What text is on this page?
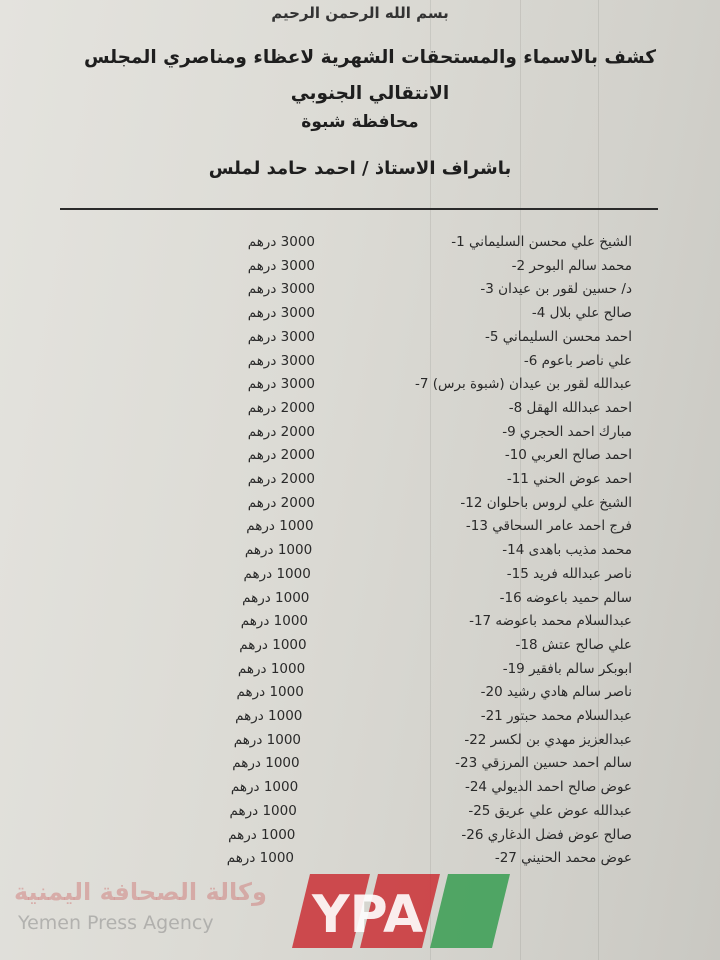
بسم الله الرحمن الرحيم
كشف بالاسماء والمستحقات الشهرية لاعظاء ومناصري المجلس الانتقالي الجنوبي
محافظة شبوة
باشراف الاستاذ / احمد حامد لملس
الشيخ علي محسن السليماني 1-
3000 درهم
محمد سالم البوحر 2-
3000 درهم
د/ حسين لقور بن عيدان 3-
3000 درهم
صالح علي بلال 4-
3000 درهم
احمد محسن السليماني 5-
3000 درهم
علي ناصر باعوم 6-
3000 درهم
عبدالله لقور بن عيدان (شبوة برس) 7-
3000 درهم
احمد عبدالله الهقل 8-
2000 درهم
مبارك احمد الحجري 9-
2000 درهم
احمد صالح العربي 10-
2000 درهم
احمد عوض الحني 11-
2000 درهم
الشيخ علي لروس باحلوان 12-
2000 درهم
فرج احمد عامر السحاقي 13-
1000 درهم
محمد مذيب باهدى 14-
1000 درهم
ناصر عبدالله فريد 15-
1000 درهم
سالم حميد باعوضه 16-
1000 درهم
عبدالسلام محمد باعوضه 17-
1000 درهم
علي صالح عتش 18-
1000 درهم
ابوبكر سالم بافقير 19-
1000 درهم
ناصر سالم هادي رشيد 20-
1000 درهم
عبدالسلام محمد حبتور 21-
1000 درهم
عبدالعزيز مهدي بن لكسر 22-
1000 درهم
سالم احمد حسين المرزقي 23-
1000 درهم
عوض صالح احمد الديولي 24-
1000 درهم
عبدالله عوض علي عريق 25-
1000 درهم
صالح عوض فضل الدغاري 26-
1000 درهم
عوض محمد الحنيني 27-
1000 درهم
وكالة الصحافة اليمنية
Yemen Press Agency YPA
